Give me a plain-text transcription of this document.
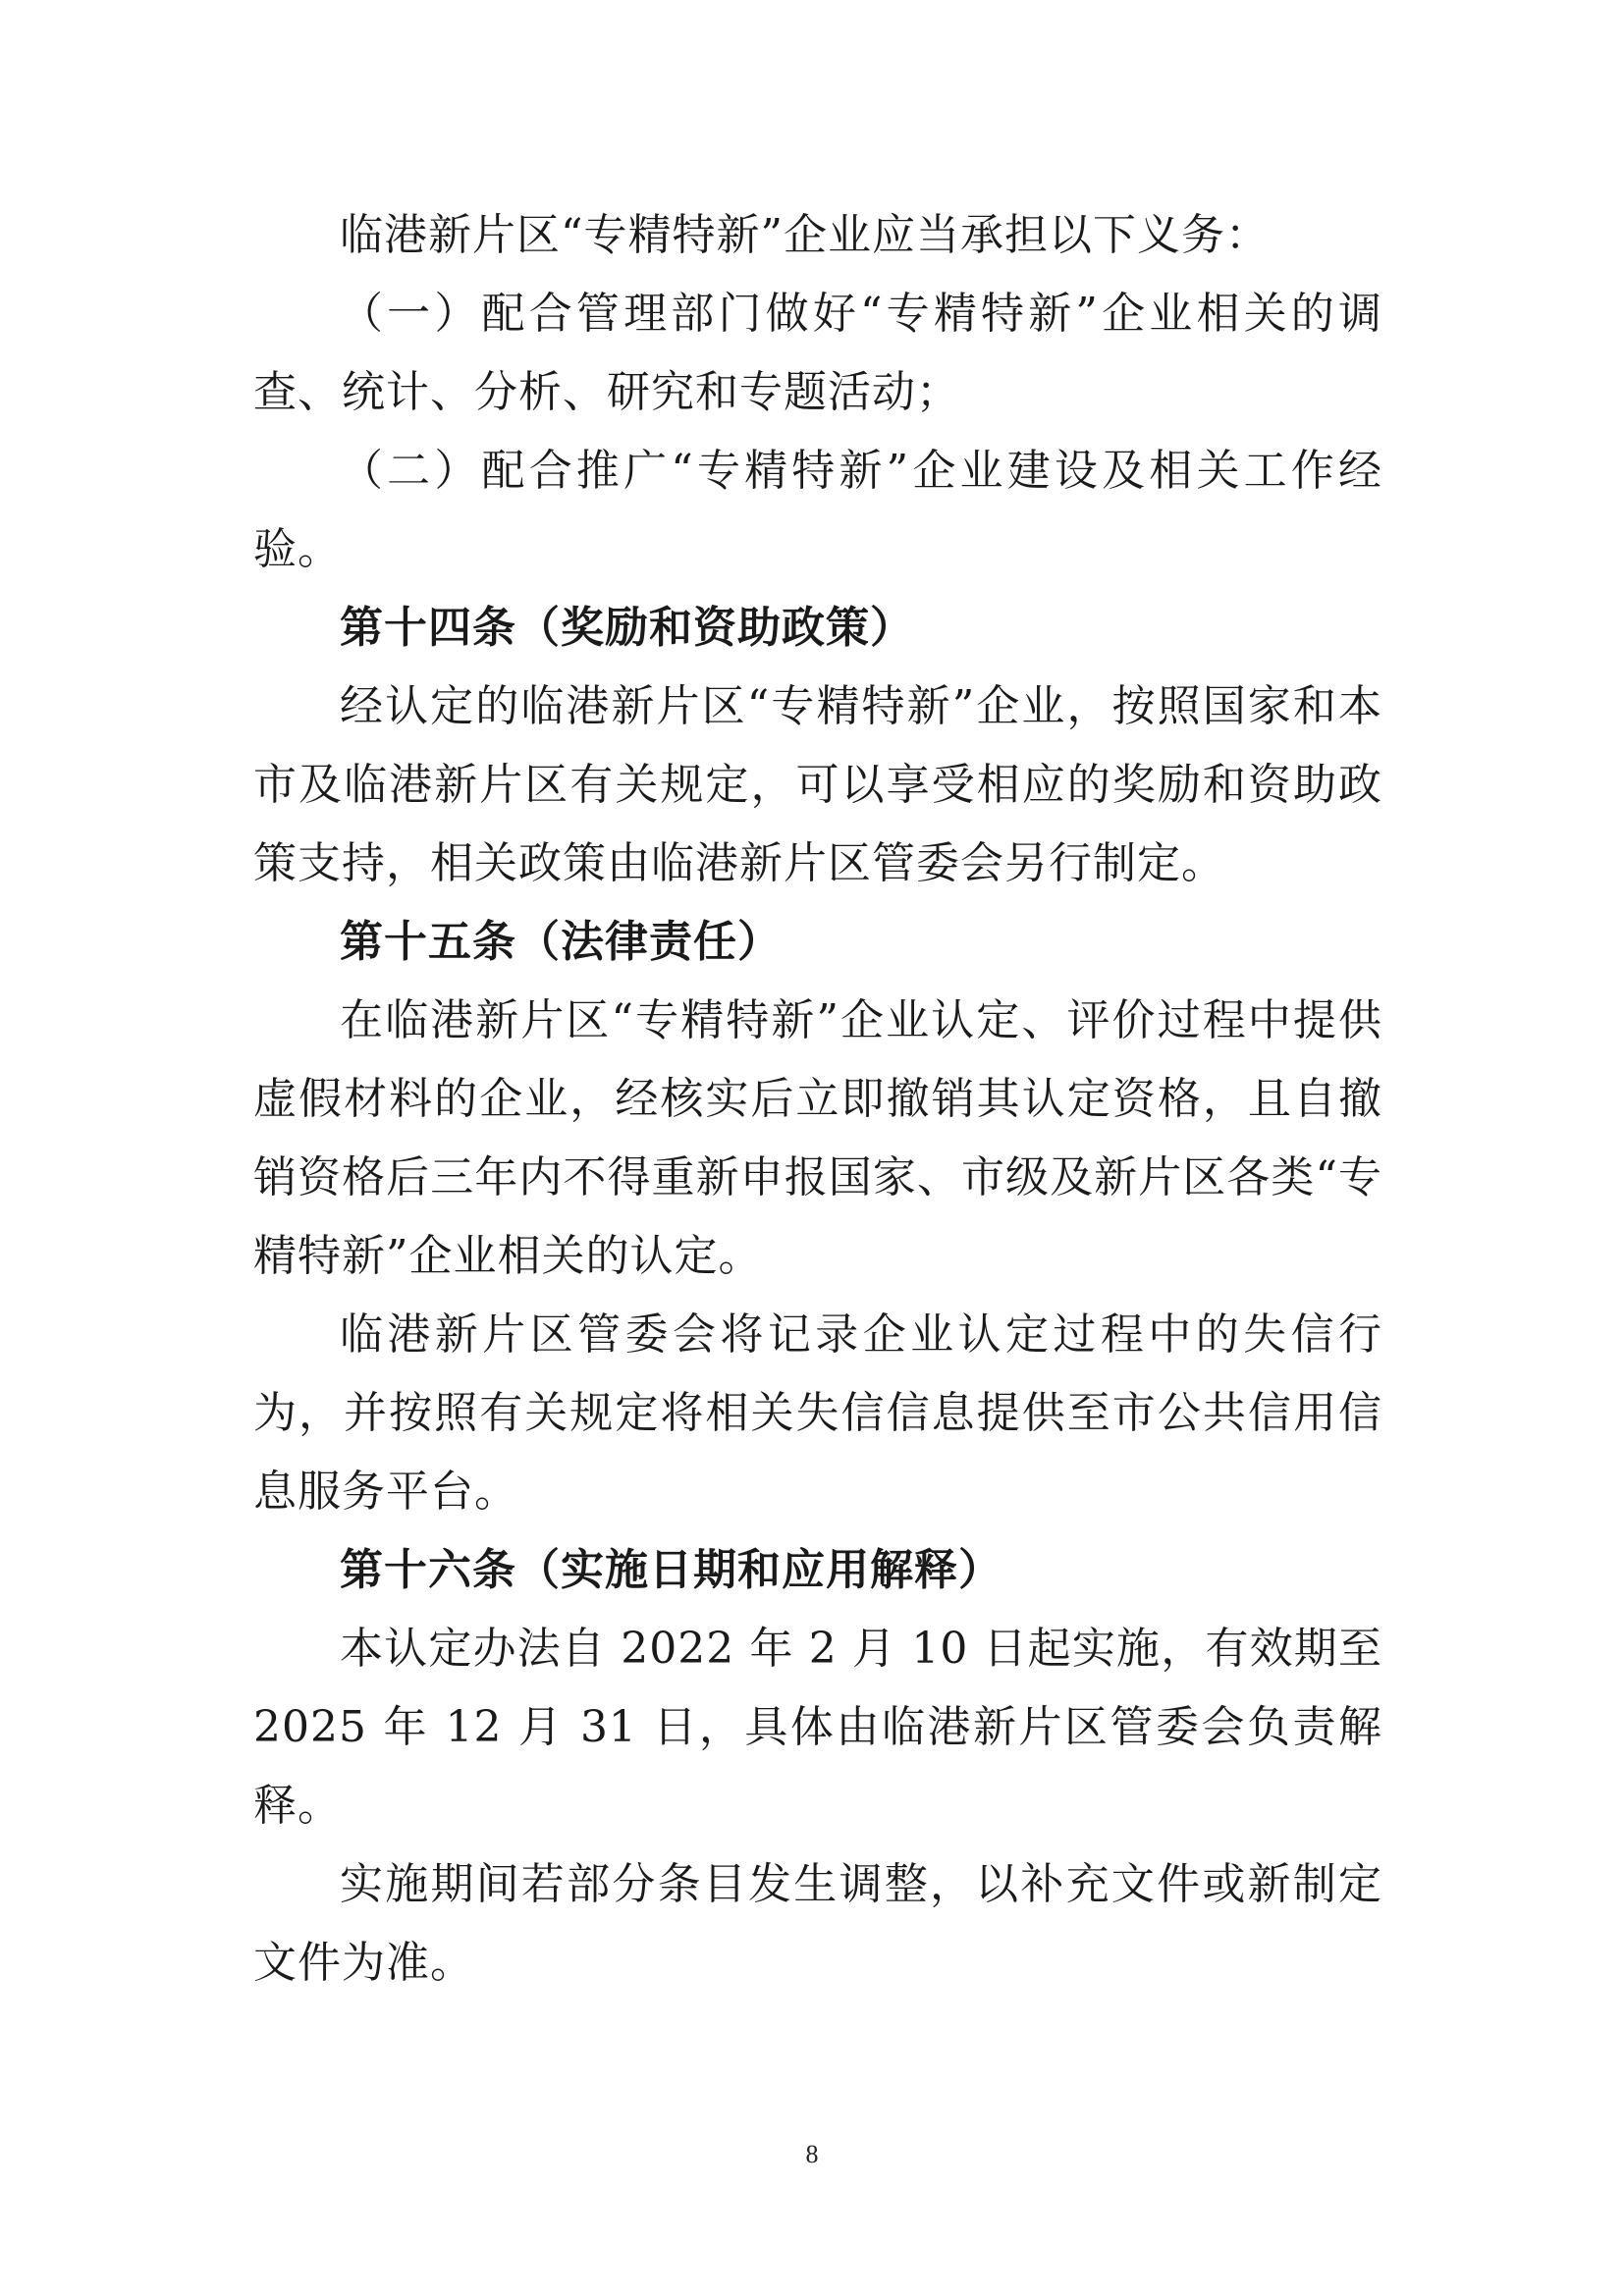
临港新片区“专精特新”企业应当承担以下义务：

（一）配合管理部门做好“专精特新”企业相关的调查、统计、分析、研究和专题活动；

（二）配合推广“专精特新”企业建设及相关工作经验。

第十四条（奖励和资助政策）

经认定的临港新片区“专精特新”企业，按照国家和本市及临港新片区有关规定，可以享受相应的奖励和资助政策支持，相关政策由临港新片区管委会另行制定。

第十五条（法律责任）

在临港新片区“专精特新”企业认定、评价过程中提供虚假材料的企业，经核实后立即撤销其认定资格，且自撤销资格后三年内不得重新申报国家、市级及新片区各类“专精特新”企业相关的认定。

临港新片区管委会将记录企业认定过程中的失信行为，并按照有关规定将相关失信信息提供至市公共信用信息服务平台。

第十六条（实施日期和应用解释）

本认定办法自 2022 年 2 月 10 日起实施，有效期至 2025 年 12 月 31 日，具体由临港新片区管委会负责解释。

实施期间若部分条目发生调整，以补充文件或新制定文件为准。

8
